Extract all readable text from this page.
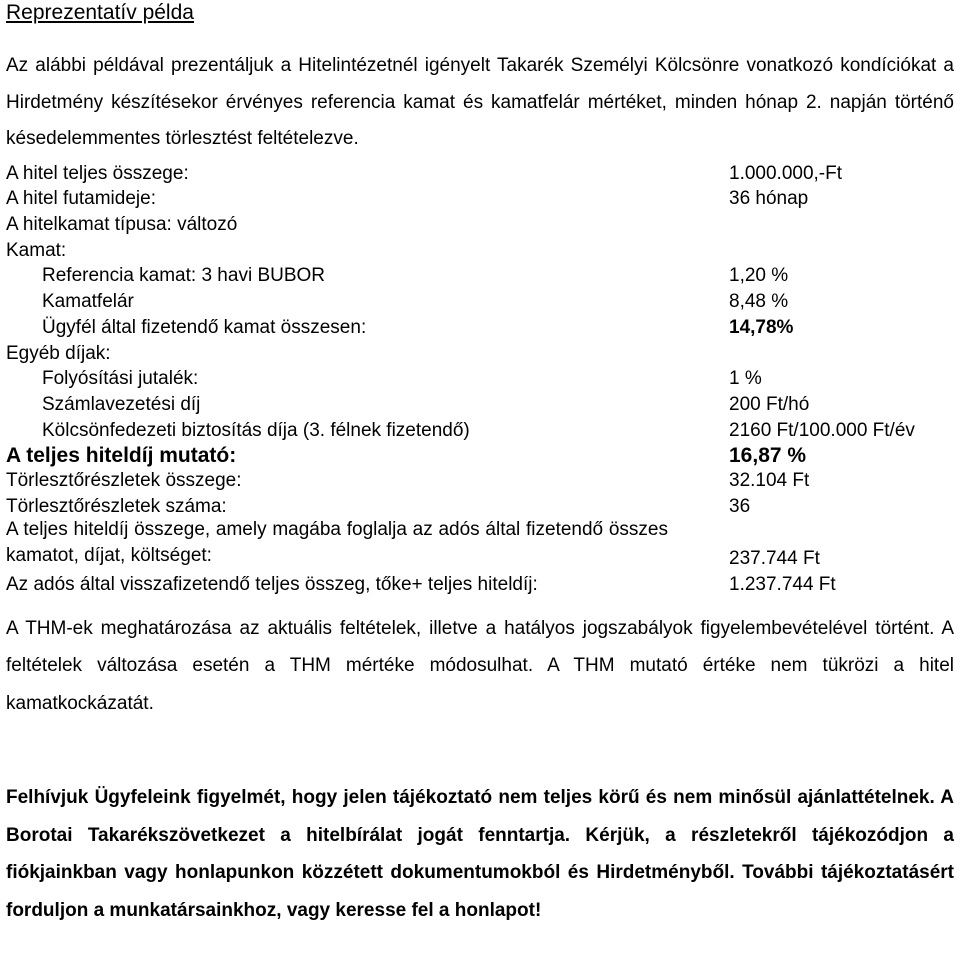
Reprezentatív példa

Az alábbi példával prezentáljuk a Hitelintézetnél igényelt Takarék Személyi Kölcsönre vonatkozó kondíciókat a Hirdetmény készítésekor érvényes referencia kamat és kamatfelár mértéket, minden hónap 2. napján történő késedelemmentes törlesztést feltételezve.

A hitel teljes összege:	1.000.000,-Ft
A hitel futamideje:	36 hónap
A hitelkamat típusa: változó	
Kamat:	
Referencia kamat: 3 havi BUBOR	1,20 %
Kamatfelár	8,48 %
Ügyfél által fizetendő kamat összesen:	14,78%
Egyéb díjak:	
Folyósítási jutalék:	1 %
Számlavezetési díj	200 Ft/hó
Kölcsönfedezeti biztosítás díja (3. félnek fizetendő)	2160 Ft/100.000 Ft/év
A teljes hiteldíj mutató:	16,87 %
Törlesztőrészletek összege:	32.104 Ft
Törlesztőrészletek száma:	36

A teljes hiteldíj összege, amely magába foglalja az adós által fizetendő összes kamatot, díjat, költséget:	237.744 Ft
Az adós által visszafizetendő teljes összeg, tőke+ teljes hiteldíj:	1.237.744 Ft

A THM-ek meghatározása az aktuális feltételek, illetve a hatályos jogszabályok figyelembevételével történt. A feltételek változása esetén a THM mértéke módosulhat. A THM mutató értéke nem tükrözi a hitel kamatkockázatát.

Felhívjuk Ügyfeleink figyelmét, hogy jelen tájékoztató nem teljes körű és nem minősül ajánlattételnek. A Borotai Takarékszövetkezet a hitelbírálat jogát fenntartja. Kérjük, a részletekről tájékozódjon a fiókjainkban vagy honlapunkon közzétett dokumentumokból és Hirdetményből. További tájékoztatásért forduljon a munkatársainkhoz, vagy keresse fel a honlapot!
